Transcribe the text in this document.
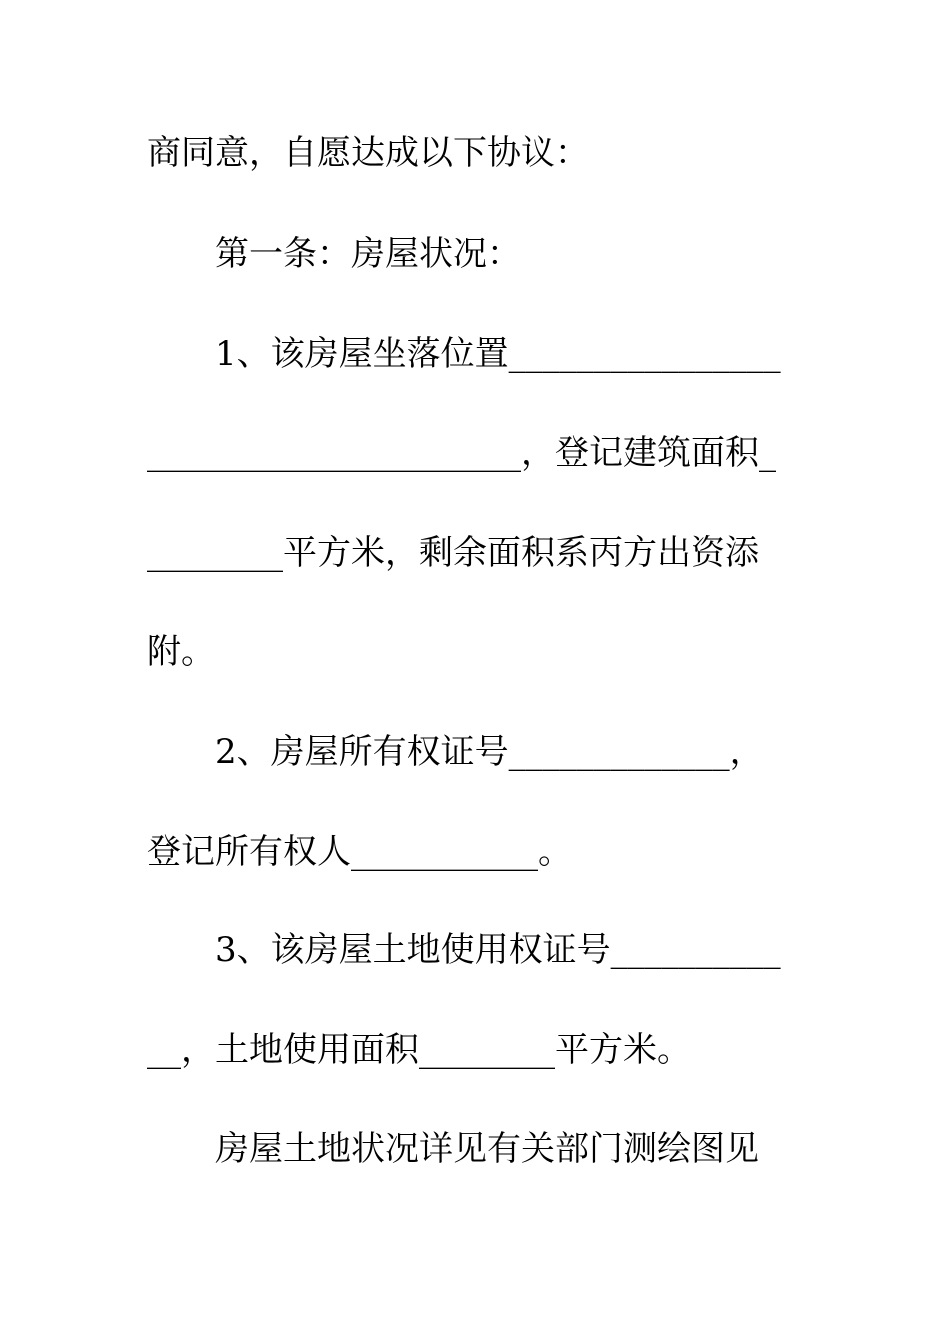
商同意，自愿达成以下协议：
第一条：房屋状况：
1、该房屋坐落位置________________
______________________，登记建筑面积_
________平方米，剩余面积系丙方出资添
附。
2、房屋所有权证号_____________，
登记所有权人___________。
3、该房屋土地使用权证号__________
__，土地使用面积________平方米。
房屋土地状况详见有关部门测绘图见
